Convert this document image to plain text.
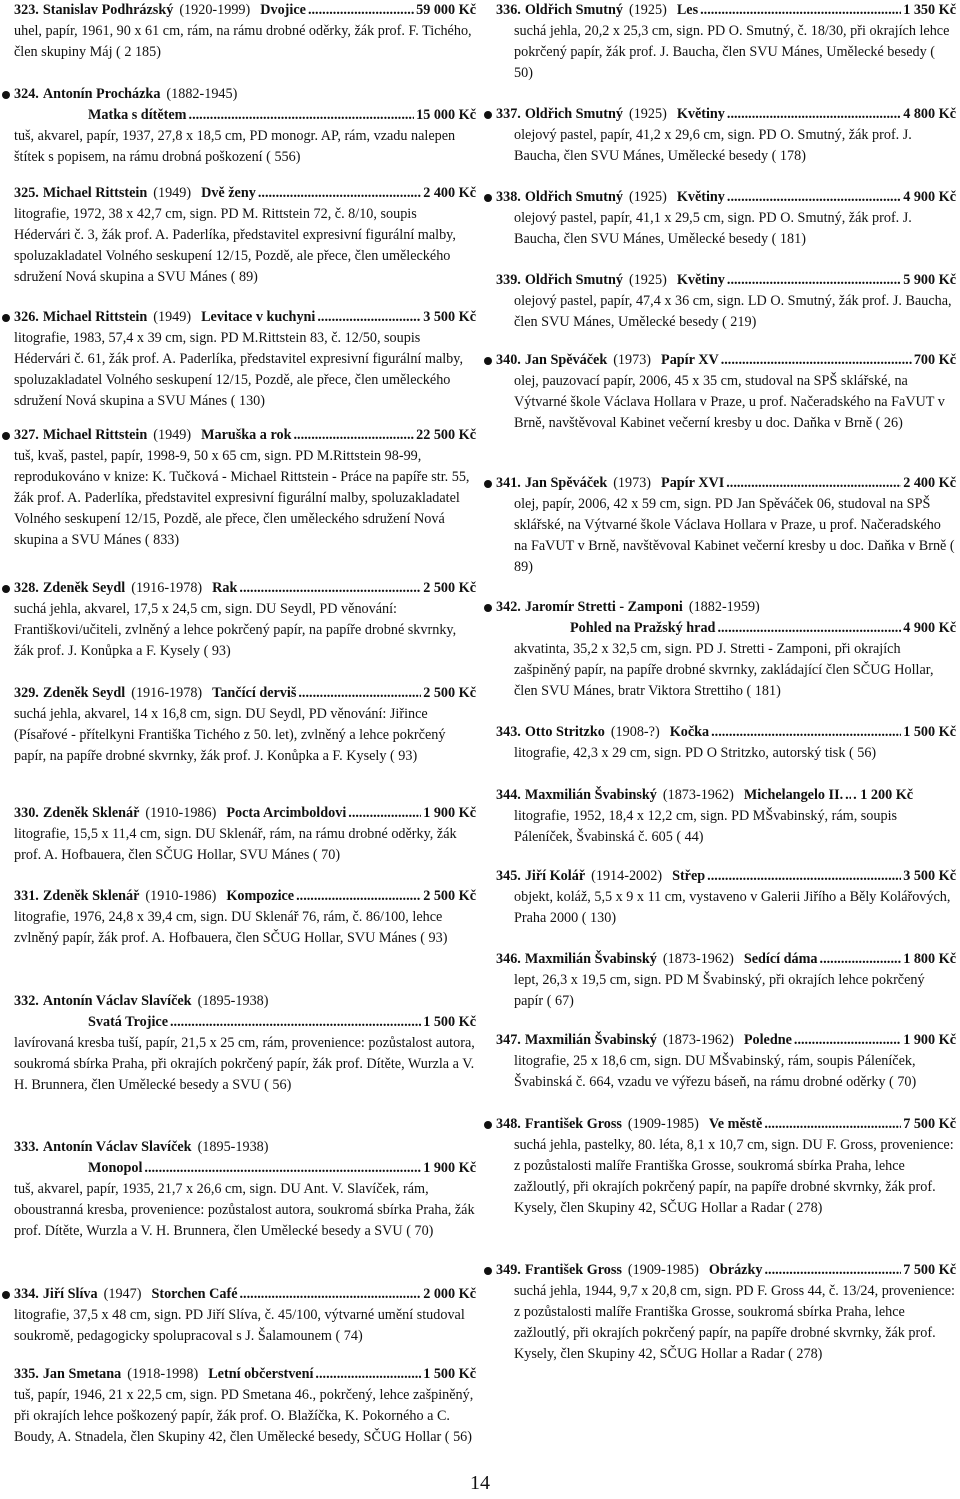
323. Stanislav Podhrázský (1920-1999) Dvojice .....	59 000 Kč
uhel, papír, 1961, 90 x 61 cm, rám, na rámu drobné oděrky, žák prof. F. Tichého, člen skupiny Máj ( 2 185)
324. Antonín Procházka (1882-1945)
Matka s dítětem .....	15 000 Kč
tuš, akvarel, papír, 1937, 27,8 x 18,5 cm, PD monogr. AP, rám, vzadu nalepen štítek s popisem, na rámu drobná poškození ( 556)
325. Michael Rittstein (1949) Dvě ženy .....	2 400 Kč
litografie, 1972, 38 x 42,7 cm, sign. PD M. Rittstein 72, č. 8/10, soupis Hédervári č. 3, žák prof. A. Paderlíka, představitel expresivní figurální malby, spoluzakladatel Volného seskupení 12/15, Pozdě, ale přece, člen uměleckého sdružení Nová skupina a SVU Mánes ( 89)
326. Michael Rittstein (1949) Levitace v kuchyni .....	3 500 Kč
litografie, 1983, 57,4 x 39 cm, sign. PD M.Rittstein 83, č. 12/50, soupis Hédervári č. 61, žák prof. A. Paderlíka, představitel expresivní figurální malby, spoluzakladatel Volného seskupení 12/15, Pozdě, ale přece, člen uměleckého sdružení Nová skupina a SVU Mánes ( 130)
327. Michael Rittstein (1949) Maruška a rok .....	22 500 Kč
tuš, kvaš, pastel, papír, 1998-9, 50 x 65 cm, sign. PD M.Rittstein 98-99, reprodukováno v knize: K. Tučková - Michael Rittstein - Práce na papíře str. 55, žák prof. A. Paderlíka, představitel expresivní figurální malby, spoluzakladatel Volného seskupení 12/15, Pozdě, ale přece, člen uměleckého sdružení Nová skupina a SVU Mánes ( 833)
328. Zdeněk Seydl (1916-1978) Rak .....	2 500 Kč
suchá jehla, akvarel, 17,5 x 24,5 cm, sign. DU Seydl, PD věnování: Františkovi/učiteli, zvlněný a lehce pokrčený papír, na papíře drobné skvrnky, žák prof. J. Konůpka a F. Kysely ( 93)
329. Zdeněk Seydl (1916-1978) Tančící derviš .....	2 500 Kč
suchá jehla, akvarel, 14 x 16,8 cm, sign. DU Seydl, PD věnování: Jiřince (Písařové - přítelkyni Františka Tichého z 50. let), zvlněný a lehce pokrčený papír, na papíře drobné skvrnky, žák prof. J. Konůpka a F. Kysely ( 93)
330. Zdeněk Sklenář (1910-1986) Pocta Arcimboldovi .....	1 900 Kč
litografie, 15,5 x 11,4 cm, sign. DU Sklenář, rám, na rámu drobné oděrky, žák prof. A. Hofbauera, člen SČUG Hollar, SVU Mánes ( 70)
331. Zdeněk Sklenář (1910-1986) Kompozice .....	2 500 Kč
litografie, 1976, 24,8 x 39,4 cm, sign. DU Sklenář 76, rám, č. 86/100, lehce zvlněný papír, žák prof. A. Hofbauera, člen SČUG Hollar, SVU Mánes ( 93)
332. Antonín Václav Slavíček (1895-1938)
Svatá Trojice .....	1 500 Kč
lavírovaná kresba tuší, papír, 21,5 x 25 cm, rám, provenience: pozůstalost autora, soukromá sbírka Praha, při okrajích pokrčený papír, žák prof. Dítěte, Wurzla a V. H. Brunnera, člen Umělecké besedy a SVU ( 56)
333. Antonín Václav Slavíček (1895-1938)
Monopol .....	1 900 Kč
tuš, akvarel, papír, 1935, 21,7 x 26,6 cm, sign. DU Ant. V. Slavíček, rám, oboustranná kresba, provenience: pozůstalost autora, soukromá sbírka Praha, žák prof. Dítěte, Wurzla a V. H. Brunnera, člen Umělecké besedy a SVU ( 70)
334. Jiří Slíva (1947) Storchen Café .....	2 000 Kč
litografie, 37,5 x 48 cm, sign. PD Jiří Slíva, č. 45/100, výtvarné umění studoval soukromě, pedagogicky spolupracoval s J. Šalamounem ( 74)
335. Jan Smetana (1918-1998) Letní občerstvení .....	1 500 Kč
tuš, papír, 1946, 21 x 22,5 cm, sign. PD Smetana 46., pokrčený, lehce zašpiněný, při okrajích lehce poškozený papír, žák prof. O. Blažíčka, K. Pokorného a C. Boudy, A. Stnadela, člen Skupiny 42, člen Umělecké besedy, SČUG Hollar ( 56)
336. Oldřich Smutný (1925) Les .....	1 350 Kč
suchá jehla, 20,2 x 25,3 cm, sign. PD O. Smutný, č. 18/30, při okrajích lehce pokrčený papír, žák prof. J. Baucha, člen SVU Mánes, Umělecké besedy ( 50)
337. Oldřich Smutný (1925) Květiny .....	4 800 Kč
olejový pastel, papír, 41,2 x 29,6 cm, sign. PD O. Smutný, žák prof. J. Baucha, člen SVU Mánes, Umělecké besedy ( 178)
338. Oldřich Smutný (1925) Květiny .....	4 900 Kč
olejový pastel, papír, 41,1 x 29,5 cm, sign. PD O. Smutný, žák prof. J. Baucha, člen SVU Mánes, Umělecké besedy ( 181)
339. Oldřich Smutný (1925) Květiny .....	5 900 Kč
olejový pastel, papír, 47,4 x 36 cm, sign. LD O. Smutný, žák prof. J. Baucha, člen SVU Mánes, Umělecké besedy ( 219)
340. Jan Spěváček (1973) Papír XV .....	700 Kč
olej, pauzovací papír, 2006, 45 x 35 cm, studoval na SPŠ sklářské, na Výtvarné škole Václava Hollara v Praze, u prof. Načeradského na FaVUT v Brně, navštěvoval Kabinet večerní kresby u doc. Daňka v Brně ( 26)
341. Jan Spěváček (1973) Papír XVI .....	2 400 Kč
olej, papír, 2006, 42 x 59 cm, sign. PD Jan Spěváček 06, studoval na SPŠ sklářské, na Výtvarné škole Václava Hollara v Praze, u prof. Načeradského na FaVUT v Brně, navštěvoval Kabinet večerní kresby u doc. Daňka v Brně ( 89)
342. Jaromír Stretti - Zamponi (1882-1959)
Pohled na Pražský hrad .....	4 900 Kč
akvatinta, 35,2 x 32,5 cm, sign. PD J. Stretti - Zamponi, při okrajích zašpiněný papír, na papíře drobné skvrnky, zakládající člen SČUG Hollar, člen SVU Mánes, bratr Viktora Strettiho ( 181)
343. Otto Stritzko (1908-?) Kočka .....	1 500 Kč
litografie, 42,3 x 29 cm, sign. PD O Stritzko, autorský tisk ( 56)
344. Maxmilián Švabinský (1873-1962) Michelangelo II. ..... . 1 200 Kč
litografie, 1952, 18,4 x 12,2 cm, sign. PD MŠvabinský, rám, soupis Páleníček, Švabinská č. 605 ( 44)
345. Jiří Kolář (1914-2002) Střep .....	3 500 Kč
objekt, koláž, 5,5 x 9 x 11 cm, vystaveno v Galerii Jiřího a Běly Kolářových, Praha 2000 ( 130)
346. Maxmilián Švabinský (1873-1962) Sedící dáma .....	1 800 Kč
lept, 26,3 x 19,5 cm, sign. PD M Švabinský, při okrajích lehce pokrčený papír ( 67)
347. Maxmilián Švabinský (1873-1962) Poledne .....	1 900 Kč
litografie, 25 x 18,6 cm, sign. DU MŠvabinský, rám, soupis Páleníček, Švabinská č. 664, vzadu ve výřezu báseň, na rámu drobné oděrky ( 70)
348. František Gross (1909-1985) Ve městě .....	7 500 Kč
suchá jehla, pastelky, 80. léta, 8,1 x 10,7 cm, sign. DU F. Gross, provenience: z pozůstalosti malíře Františka Grosse, soukromá sbírka Praha, lehce zažloutlý, při okrajích pokrčený papír, na papíře drobné skvrnky, žák prof. Kysely, člen Skupiny 42, SČUG Hollar a Radar ( 278)
349. František Gross (1909-1985) Obrázky .....	7 500 Kč
suchá jehla, 1944, 9,7 x 20,8 cm, sign. PD F. Gross 44, č. 13/24, provenience: z pozůstalosti malíře Františka Grosse, soukromá sbírka Praha, lehce zažloutlý, při okrajích pokrčený papír, na papíře drobné skvrnky, žák prof. Kysely, člen Skupiny 42, SČUG Hollar a Radar ( 278)
14
